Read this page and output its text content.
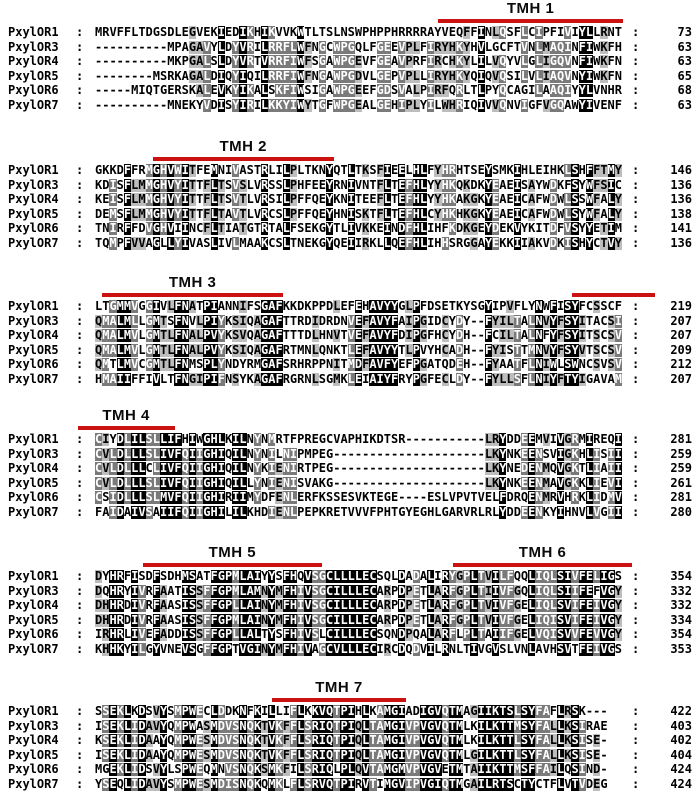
TMH 1
PxylOR1 : MRVFFLTDGSDLEGVEKIEDIKHIKVVKWTLTSLNSWPHPPHRRRRAYVEQFFINLQSFLCIPFIVIYLLRNT :	73
PxylOR3 : ----------MPAGAVYLDYVRILRRFLWFNGCWPGQLFGEEVPLFIRYHKYHVLGCFTVNLMAQINFIWKFH :	63
PxylOR4 : ----------MKPGALSLDYVRTVRRFIWFSGAWPGEVFGEAVPRFIRCHKYLILVQYVLGLIGQVNFIWKFN :	63
PxylOR5 : --------MSRKAGALDIQYIQILRRFIWFNGAWPGDVLGEPVPLLIRYHKYQIQVQSILVLIAQVNYIWKFN :	65
PxylOR6 : -----MIQTGERSKALEVKYIKALSKFIWSIGAWPGEEFGDSVALPIRFQRLTLPYQCAGILAAQIYYLVNHR :	68
PxylOR7 : ----------MNEKYVDISYIRILKKYIWYTGFWPGEALGEHIPLYILWHRIQIVVQNVIGFVGQAWYIVENF :	63
TMH 2
PxylOR1 : GKKDFFRMGHVWITFEMNIVASTRLILPLTKNYQTLTKSFIEELHLFYHRHTSEYSMKIHLEIHKLSHFFTMY :	146
PxylOR3 : KDISFLMMGHVYITTFLTSVSLVRSSLPHFEEYRNIVNTFLTEFHLYYHKQKDKYEAEISAYWDKFSYWFSIC :	136
PxylOR4 : KEISFLMMGHVYITTFLTSVTLVRSILPFFQEYKNITEEFLTEFHLYYHKAKGKYEAEICAFWDWLSSWFALY :	136
PxylOR5 : DEMSFLMMGHVYITTFLTAVTLVRCSLPFFQEYHNISKTFLTEFHLCYHKHKGKYEAEICAFWDWLSYWFALY :	138
PxylOR6 : TNIRFFDVGHVIINCFLTIATGTRTALFSEKGYTLIVKKEINDFHLIHFKDKGEYDEKVYKITDFVSYYETIM :	141
PxylOR7 : TQMPFVVAGLLYIVASLIVLMAAKCSLTNEKGYQEIIRKLLQEFHLIHHSRGGAYEKKIIAKVDKISHYCTVY :	136
TMH 3
PxylOR1 : LTGMMVGGIVLFNATPIANNIFSGAFKKDKPPDLEFEHAVYYGLPFDSETKYSGYIPVFLYNWFISYFCSSCF :	219
PxylOR3 : QMALMLLGMTSFNVLPIYKSIQAGAFTTRDIDRDNVEFAVYFAIPGIDCYDY--FYILTALNVYFSYITACSI :	207
PxylOR4 : QMALMVLGMTLFNALPVYKSVQAGAFTTTDLHNVTVEFAVYFDIPGFHCYDH--FCILTALNFYFSYITSCSV :	207
PxylOR5 : QMALMVLGMTLFNALPVYKSIQAGAFRTMNLQNKTLEFAVYYTLPVYHCADH--FYISTTMNVYFSYVTSCSV :	209
PxylOR6 : QMTLMVCGMTLFNMSPLYNDYRMGAFSRHRPPNITMDFAVFYEFPGATQDEH--FYAATFLNIWLSWNCSVSV :	212
PxylOR7 : HMAIIFFIVLTFNGIPIFNSYKAGAFRGRNLSGMKLEIAIYFRYPGFECLDY--FYLLSFLNIYFTYIGAVAM :	207
TMH 4
PxylOR1 : CIYDLILSLLIFHIWGHLKILNYNMRTFPREGCVAPHIKDTSR-----------LRYDDEEMVIVGRMIREQI :	281
PxylOR3 : CVLDLLLSLIVFQIIGHIQILNYNILNIPMPEG---------------------LKYNKEENSVIGKHLISII :	259
PxylOR4 : CVLDLLLCLIVFQIIGHIQILNYKIENIRTPEG---------------------LKYNEDENMQVGKTLIAII :	259
PxylOR5 : CVLDLLLSLIVFQIIGHIQILLYNIENISVAKG---------------------LKYNKEENMAVGKKLIEVI :	261
PxylOR6 : CSIDLLLSLMVFQIIGHIRIIMYDFENLERFKSSESVKTEGE----ESLVPVTVELFDRQENMRVHRKLIDMV :	281
PxylOR7 : FAIDAIVSAIIFQIIGHILILKHDIENLPEPKRETVVVFPHTGYEGHLGARVRLRLYDDEENKYIHNVLVGII :	280
TMH 5	TMH 6
PxylOR1 : DYHRFISDFSDHMSATFGPMLAIYYSFHQVSGCLLLLECSQLDADALIRYGPLTVILFQQLIQLSIVFELIGS :	354
PxylOR3 : DQHRYIVRFAATISSFFGPMLAMNYMFHIVSGCILLLECARPDPETLARFGPLTIIVFGQLIQLSIIFEFVGY :	332
PxylOR4 : DHHRDIVRFAASISSFFGPLLAINYMFHIVSGCILLLECARPDPETLARFGPLTVIVFGELIQLSVIFEIVGY :	332
PxylOR5 : DHHRDIVRFAASISSFFGPMLAINYMFHIVSGCILLLECARPDPETLARFGPLTVIVFGELIQISVIFEIVGY :	334
PxylOR6 : IRHRLIVEFADDISSFFGPLLALTYSFHIVSLCILLLECSQNDPQALARFLPLTAIIFGELVQISVVFEVVGY :	354
PxylOR7 : KHHKYILGYVNEVSGFFGPTVGINYMFHIVAGCVLLLECIRCDQDVILRNLTIVGVSLVNLAVHSVTFEIVGS :	353
TMH 7
PxylOR1 : SSEKLKDSVYSMPWECLDDKNFKILLIFLKKVQTPIHLKAMGIADIGVQTMAGIIKTSLSYFAFLRSK--- :	422
PxylOR3 : ISEKLIDAVYQMPWASMDVSNQKTVKFFLSRIQTPIQLTAMGIVPVGVQTMLKILKTTMSYFALLKSIRAE :	403
PxylOR4 : KSEKLIDAAYQMPWESMDVSNQKTVKFFLSRIQTPIQLTAMGIVPVGVQTMLKILKTTLSYFALLKSISE- :	402
PxylOR5 : ISEKLIDAAYQMPWESMDVSNQKTVKFFLSRIQTPIQLTAMGIVPVGVQTMLGILKTTLSYFALLKSISE- :	404
PxylOR6 : MGEKLIDSVYLSPWEQMNVSNQKSMKFILSRIQLPLQVTAMGMVPVGVETMTAIIKTTMSFFAILQSIND- :	424
PxylOR7 : YSEQLIDAVYSMPWESMDISNQKQMKLFLSRVQTPIRVTIMGVIPVGIQTMGAILRTSCTYCTFLVTVDEG :	424
